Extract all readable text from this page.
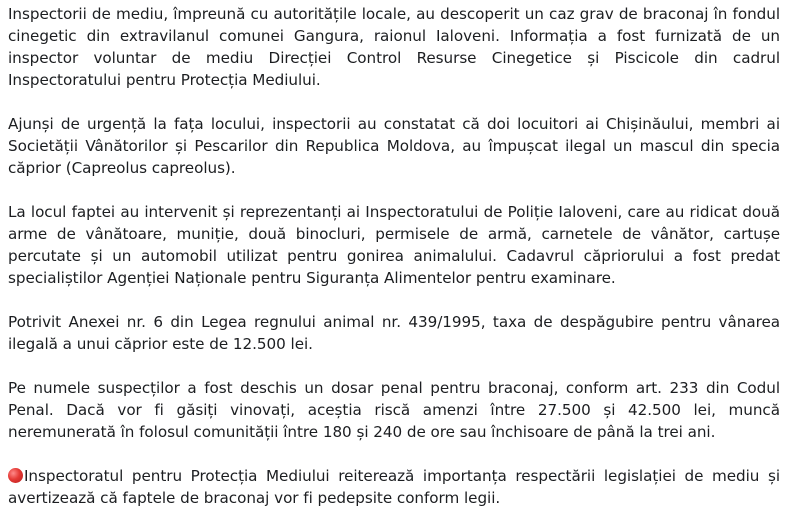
Inspectorii de mediu, împreună cu autoritățile locale, au descoperit un caz grav de braconaj în fondul cinegetic din extravilanul comunei Gangura, raionul Ialoveni. Informația a fost furnizată de un inspector voluntar de mediu Direcției Control Resurse Cinegetice și Piscicole din cadrul Inspectoratului pentru Protecția Mediului.

Ajunși de urgență la fața locului, inspectorii au constatat că doi locuitori ai Chișinăului, membri ai Societății Vânătorilor și Pescarilor din Republica Moldova, au împușcat ilegal un mascul din specia căprior (Capreolus capreolus).

La locul faptei au intervenit și reprezentanți ai Inspectoratului de Poliție Ialoveni, care au ridicat două arme de vânătoare, muniție, două binocluri, permisele de armă, carnetele de vânător, cartușe percutate și un automobil utilizat pentru gonirea animalului. Cadavrul căpriorului a fost predat specialiștilor Agenției Naționale pentru Siguranța Alimentelor pentru examinare.

Potrivit Anexei nr. 6 din Legea regnului animal nr. 439/1995, taxa de despăgubire pentru vânarea ilegală a unui căprior este de 12.500 lei.

Pe numele suspecților a fost deschis un dosar penal pentru braconaj, conform art. 233 din Codul Penal. Dacă vor fi găsiți vinovați, aceștia riscă amenzi între 27.500 și 42.500 lei, muncă neremunerată în folosul comunității între 180 și 240 de ore sau închisoare de până la trei ani.

Inspectoratul pentru Protecția Mediului reiterează importanța respectării legislației de mediu și avertizează că faptele de braconaj vor fi pedepsite conform legii.
